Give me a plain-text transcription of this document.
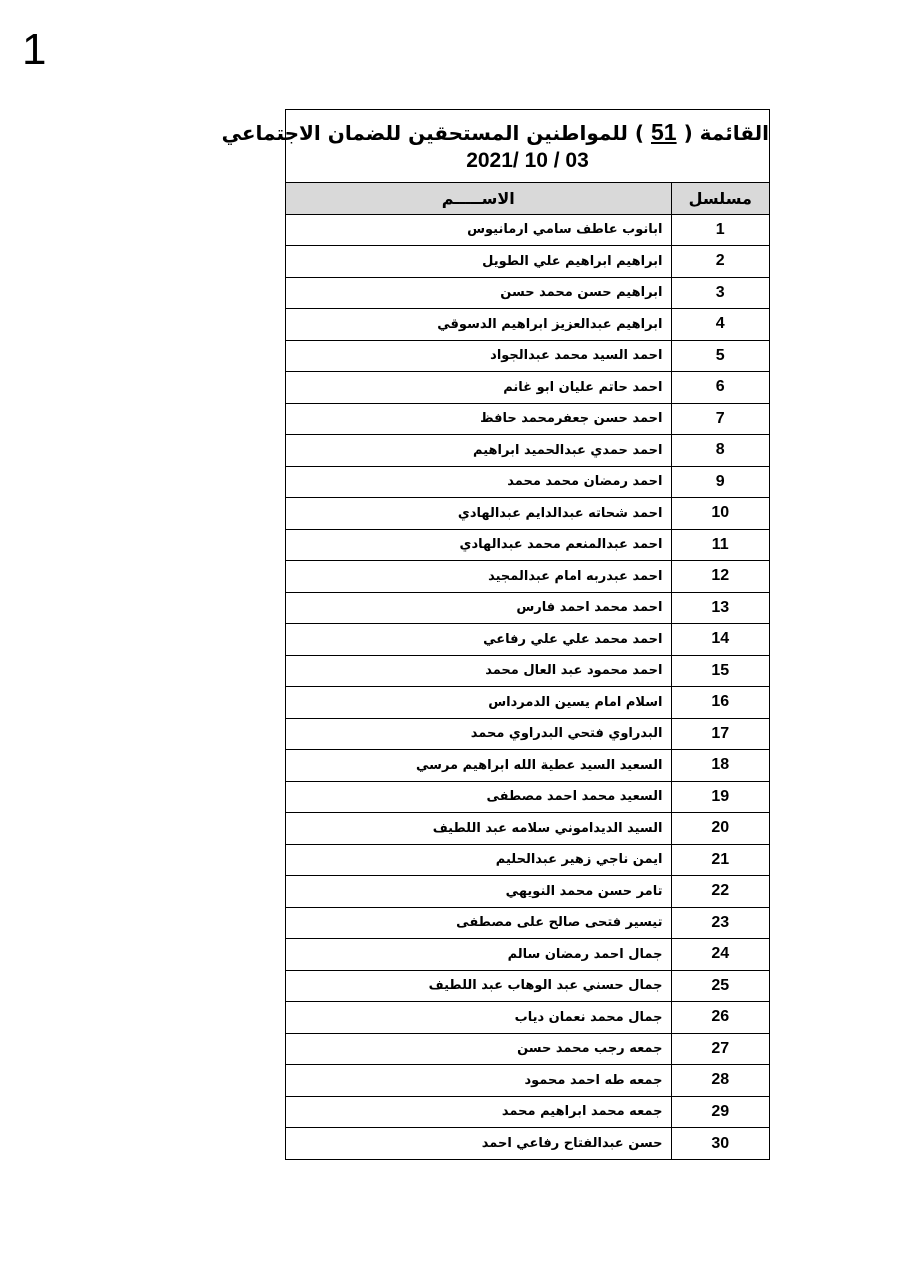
1
القائمة ( 51 ) للمواطنين المستحقين للضمان الاجتماعي
2021/ 10 / 03
مسلسل	الاســـــم
1	ابانوب عاطف سامي ارمانيوس
2	ابراهيم ابراهيم علي الطويل
3	ابراهيم حسن محمد حسن
4	ابراهيم عبدالعزيز ابراهيم الدسوقي
5	احمد السيد محمد عبدالجواد
6	احمد حاتم عليان ابو غانم
7	احمد حسن جعفرمحمد حافظ
8	احمد حمدي عبدالحميد ابراهيم
9	احمد رمضان محمد محمد
10	احمد شحاته عبدالدايم عبدالهادي
11	احمد عبدالمنعم محمد عبدالهادي
12	احمد عبدربه امام عبدالمجيد
13	احمد محمد احمد فارس
14	احمد محمد علي علي رفاعي
15	احمد محمود عبد العال محمد
16	اسلام امام يسين الدمرداس
17	البدراوي فتحي البدراوي محمد
18	السعيد السيد عطية الله ابراهيم مرسي
19	السعيد محمد احمد مصطفى
20	السيد الديداموني سلامه عبد اللطيف
21	ايمن ناجي زهير عبدالحليم
22	تامر حسن محمد النويهي
23	تيسير فتحى صالح على مصطفى
24	جمال احمد رمضان سالم
25	جمال حسني عبد الوهاب عبد اللطيف
26	جمال محمد نعمان دياب
27	جمعه رجب محمد حسن
28	جمعه طه احمد محمود
29	جمعه محمد ابراهيم محمد
30	حسن عبدالفتاح رفاعي احمد
